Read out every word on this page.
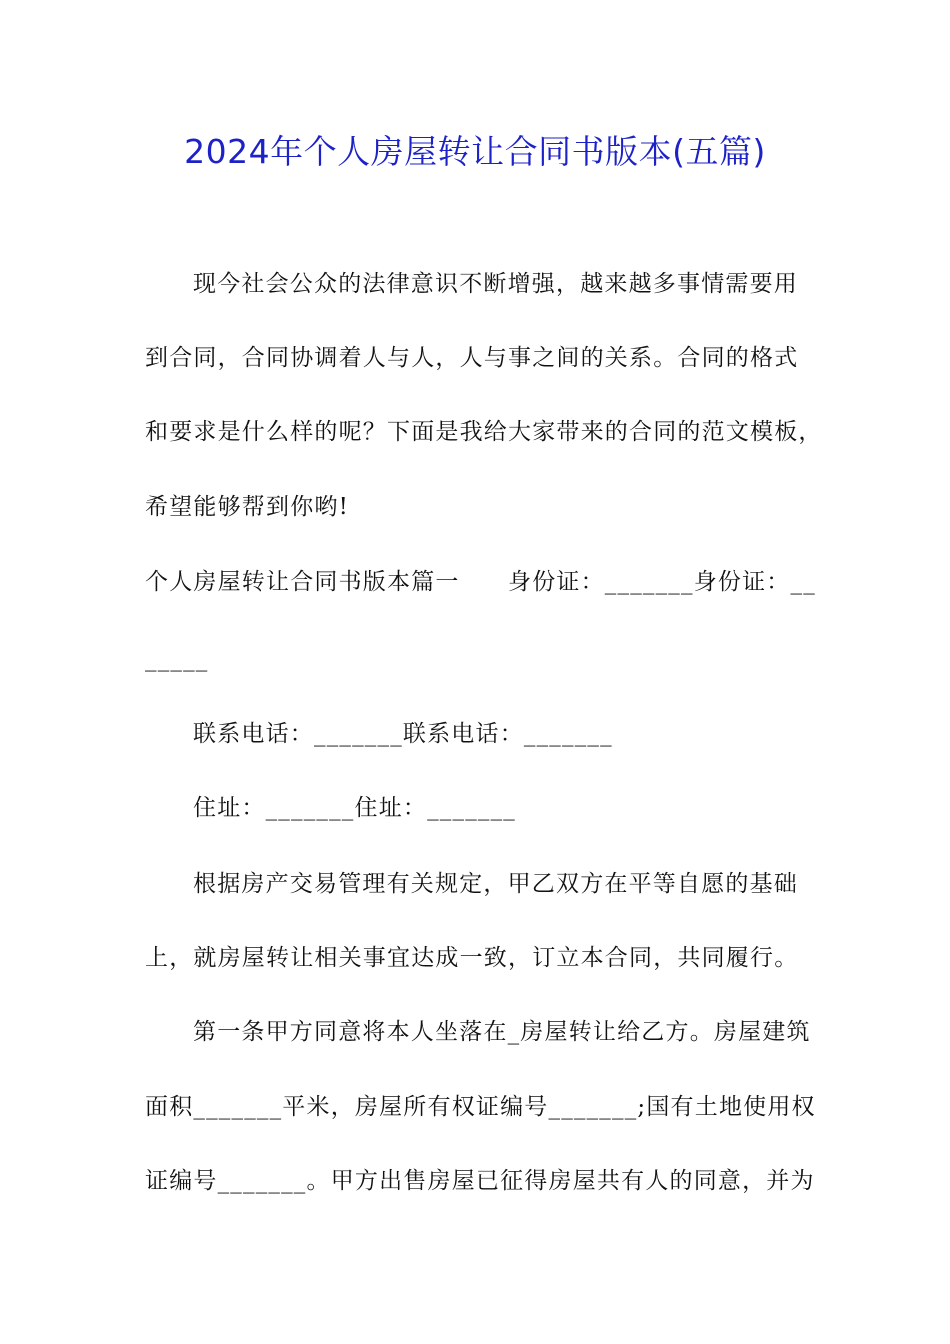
2024年个人房屋转让合同书版本(五篇)
现今社会公众的法律意识不断增强，越来越多事情需要用
到合同，合同协调着人与人，人与事之间的关系。合同的格式
和要求是什么样的呢？下面是我给大家带来的合同的范文模板，
希望能够帮到你哟!
个人房屋转让合同书版本篇一　　身份证：_______身份证：__
_____
联系电话：_______联系电话：_______
住址：_______住址：_______
根据房产交易管理有关规定，甲乙双方在平等自愿的基础
上，就房屋转让相关事宜达成一致，订立本合同，共同履行。
第一条甲方同意将本人坐落在_房屋转让给乙方。房屋建筑
面积_______平米，房屋所有权证编号_______;国有土地使用权
证编号_______。甲方出售房屋已征得房屋共有人的同意，并为
